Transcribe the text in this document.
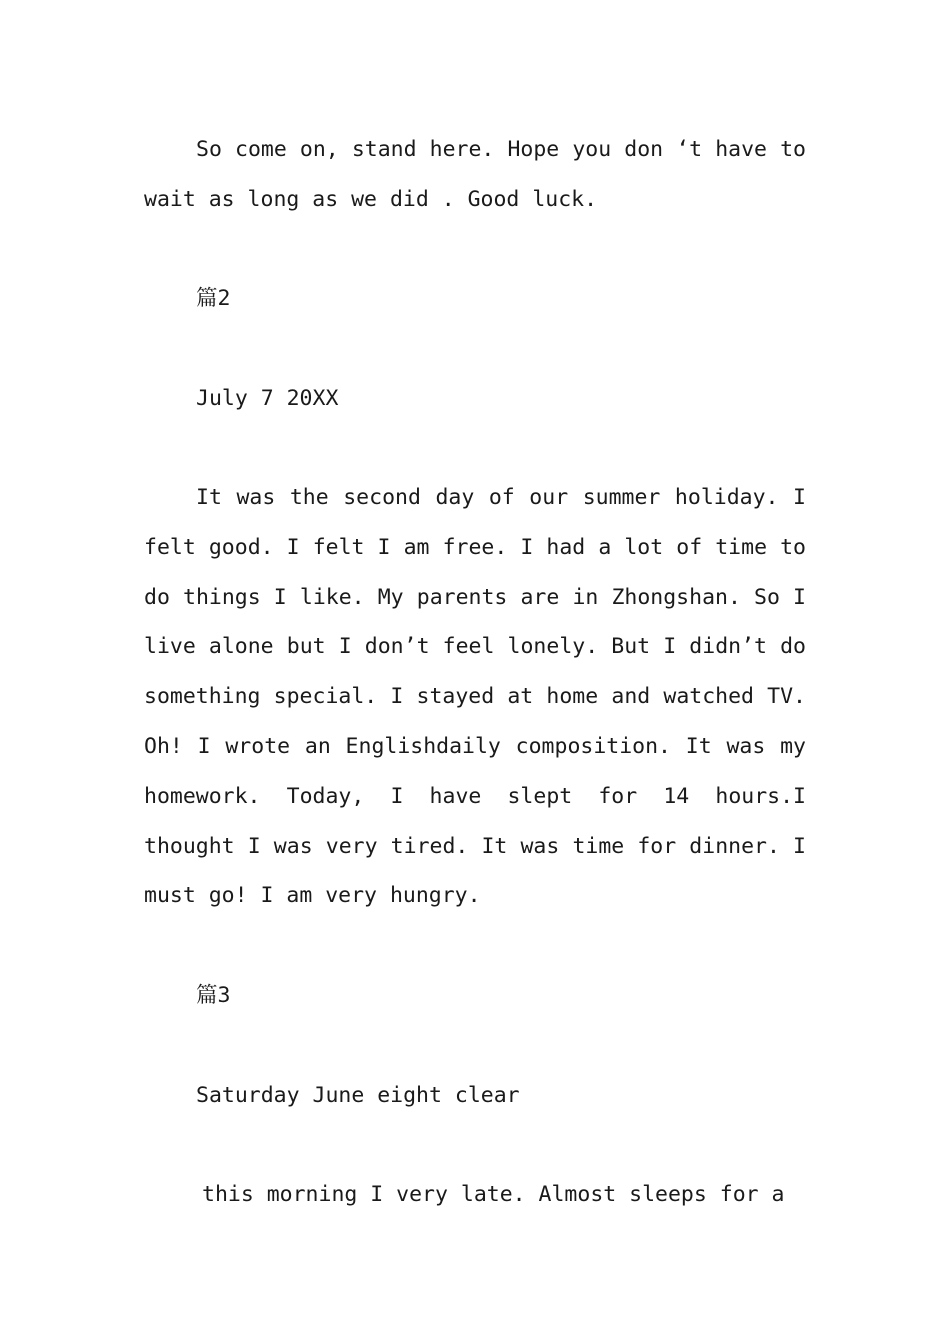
So come on, stand here. Hope you don ‘t have to wait as long as we did . Good luck.

篇2

July 7 20XX

It was the second day of our summer holiday. I felt good. I felt I am free. I had a lot of time to do things I like. My parents are in Zhongshan. So I live alone but I don’t feel lonely. But I didn’t do something special. I stayed at home and watched TV. Oh! I wrote an Englishdaily composition. It was my homework. Today, I have slept for 14 hours.I thought I was very tired. It was time for dinner. I must go! I am very hungry.

篇3

Saturday June eight clear

this morning I very late. Almost sleeps for a
